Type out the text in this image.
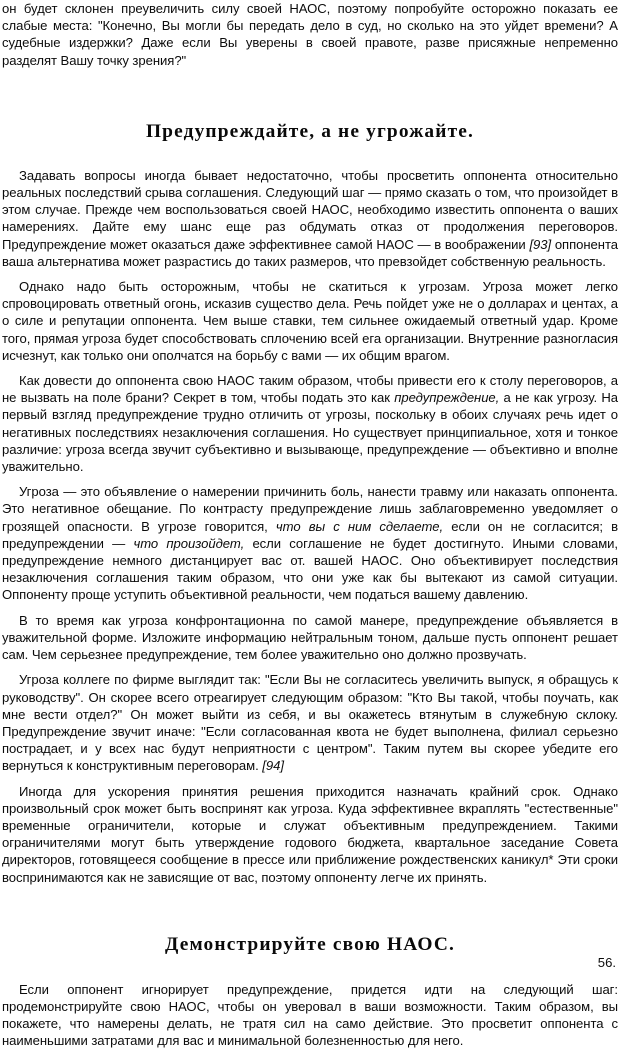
он будет склонен преувеличить силу своей НАОС, поэтому попробуйте осторожно показать ее слабые места: "Конечно, Вы могли бы передать дело в суд, но сколько на это уйдет времени? А судебные издержки? Даже если Вы уверены в своей правоте, разве присяжные непременно разделят Вашу точку зрения?"

Предупреждайте, а не угрожайте.

Задавать вопросы иногда бывает недостаточно, чтобы просветить оппонента относительно реальных последствий срыва соглашения. Следующий шаг — прямо сказать о том, что произойдет в этом случае. Прежде чем воспользоваться своей НАОС, необходимо известить оппонента о ваших намерениях. Дайте ему шанс еще раз обдумать отказ от продолжения переговоров. Предупреждение может оказаться даже эффективнее самой НАОС — в воображении [93] оппонента ваша альтернатива может разрастись до таких размеров, что превзойдет собственную реальность.

Однако надо быть осторожным, чтобы не скатиться к угрозам. Угроза может легко спровоцировать ответный огонь, исказив существо дела. Речь пойдет уже не о долларах и центах, а о силе и репутации оппонента. Чем выше ставки, тем сильнее ожидаемый ответный удар. Кроме того, прямая угроза будет способствовать сплочению всей ега организации. Внутренние разногласия исчезнут, как только они ополчатся на борьбу с вами — их общим врагом.

Как довести до оппонента свою НАОС таким образом, чтобы привести его к столу переговоров, а не вызвать на поле брани? Секрет в том, чтобы подать это как предупреждение, а не как угрозу. На первый взгляд предупреждение трудно отличить от угрозы, поскольку в обоих случаях речь идет о негативных последствиях незаключения соглашения. Но существует принципиальное, хотя и тонкое различие: угроза всегда звучит субъективно и вызывающе, предупреждение — объективно и вполне уважительно.

Угроза — это объявление о намерении причинить боль, нанести травму или наказать оппонента. Это негативное обещание. По контрасту предупреждение лишь заблаговременно уведомляет о грозящей опасности. В угрозе говорится, что вы с ним сделаете, если он не согласится; в предупреждении — что произойдет, если соглашение не будет достигнуто. Иными словами, предупреждение немного дистанцирует вас от. вашей НАОС. Оно объективирует последствия незаключения соглашения таким образом, что они уже как бы вытекают из самой ситуации. Оппоненту проще уступить объективной реальности, чем податься вашему давлению.

В то время как угроза конфронтационна по самой манере, предупреждение объявляется в уважительной форме. Изложите информацию нейтральным тоном, дальше пусть оппонент решает сам. Чем серьезнее предупреждение, тем более уважительно оно должно прозвучать.

Угроза коллеге по фирме выглядит так: "Если Вы не согласитесь увеличить выпуск, я обращусь к руководству". Он скорее всего отреагирует следующим образом: "Кто Вы такой, чтобы поучать, как мне вести отдел?" Он может выйти из себя, и вы окажетесь втянутым в служебную склоку. Предупреждение звучит иначе: "Если согласованная квота не будет выполнена, филиал серьезно пострадает, и у всех нас будут неприятности с центром". Таким путем вы скорее убедите его вернуться к конструктивным переговорам. [94]

Иногда для ускорения принятия решения приходится назначать крайний срок. Однако произвольный срок может быть воспринят как угроза. Куда эффективнее вкраплять "естественные" временные ограничители, которые и служат объективным предупреждением. Такими ограничителями могут быть утверждение годового бюджета, квартальное заседание Совета директоров, готовящееся сообщение в прессе или приближение рождественских каникул* Эти сроки воспринимаются как не зависящие от вас, поэтому оппоненту легче их принять.

Демонстрируйте свою НАОС.

Если оппонент игнорирует предупреждение, придется идти на следующий шаг: продемонстрируйте свою НАОС, чтобы он уверовал в ваши возможности. Таким образом, вы покажете, что намерены делать, не тратя сил на само действие. Это просветит оппонента с наименьшими затратами для вас и минимальной болезненностью для него.

56.
